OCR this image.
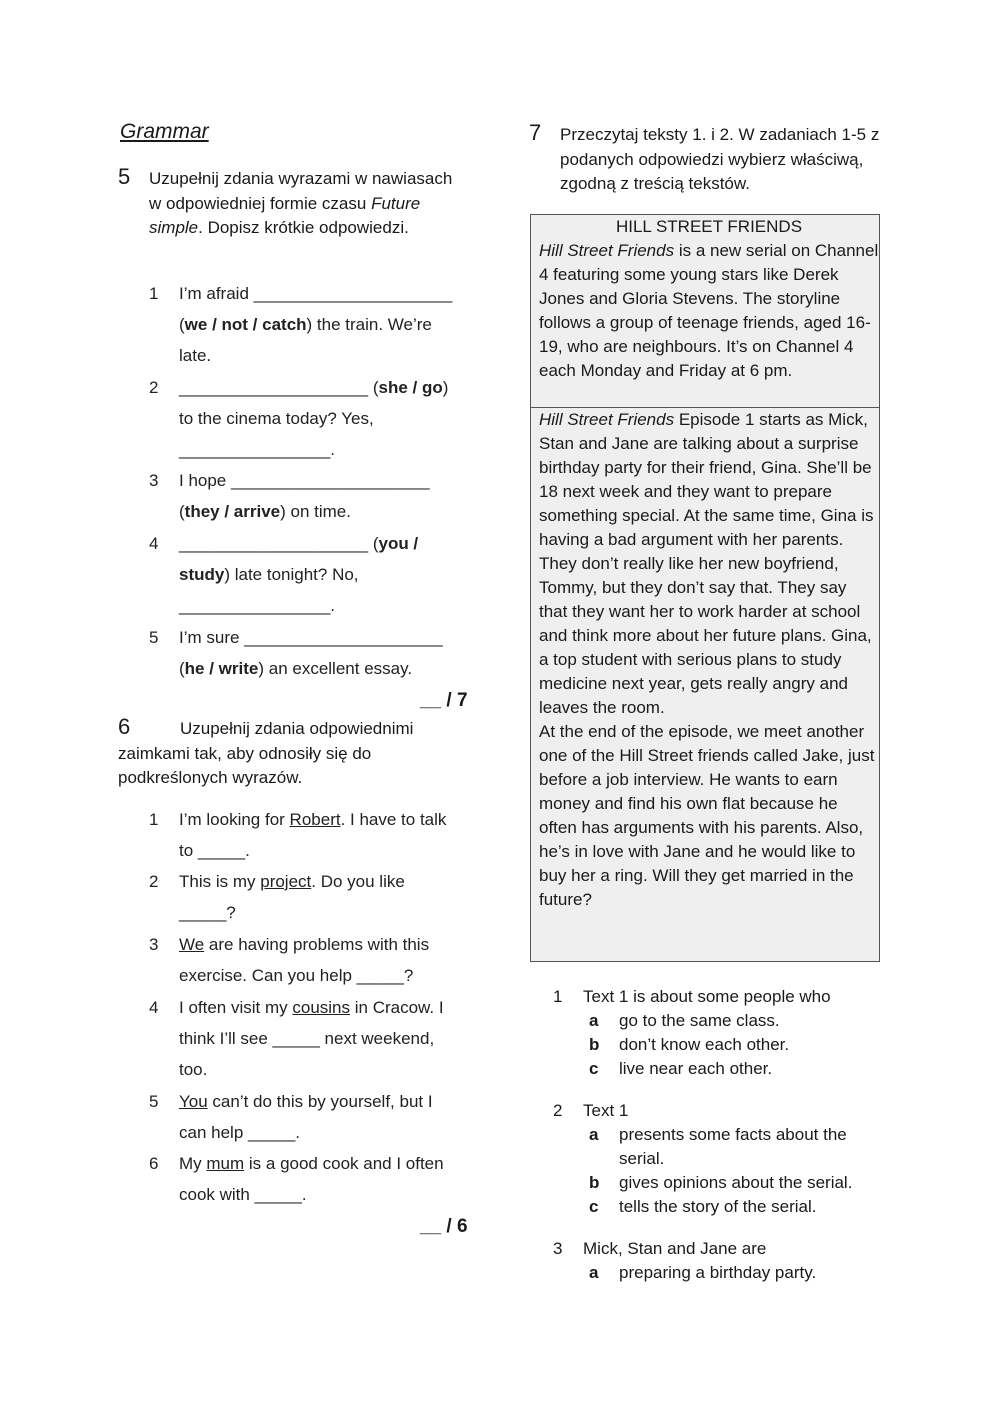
Grammar
5 Uzupełnij zdania wyrazami w nawiasach w odpowiedniej formie czasu Future simple. Dopisz krótkie odpowiedzi.
1 I’m afraid _____________________
(we / not / catch) the train. We’re
late.
2 ____________________ (she / go)
to the cinema today? Yes,
________________.
3 I hope _____________________
(they / arrive) on time.
4 ____________________ (you /
study) late tonight? No,
________________.
5 I’m sure _____________________
(he / write) an excellent essay.
__ / 7
6	Uzupełnij zdania odpowiednimi zaimkami tak, aby odnosiły się do podkreślonych wyrazów.
1 I’m looking for Robert. I have to talk
to _____.
2 This is my project. Do you like
_____?
3 We are having problems with this
exercise. Can you help _____?
4 I often visit my cousins in Cracow. I
think I’ll see _____ next weekend,
too.
5 You can’t do this by yourself, but I
can help _____.
6 My mum is a good cook and I often
cook with _____.
__ / 6
7 Przeczytaj teksty 1. i 2. W zadaniach 1-5 z podanych odpowiedzi wybierz właściwą, zgodną z treścią tekstów.
HILL STREET FRIENDS
Hill Street Friends is a new serial on Channel 4 featuring some young stars like Derek Jones and Gloria Stevens. The storyline follows a group of teenage friends, aged 16-19, who are neighbours. It’s on Channel 4 each Monday and Friday at 6 pm.
Hill Street Friends Episode 1 starts as Mick, Stan and Jane are talking about a surprise birthday party for their friend, Gina. She’ll be 18 next week and they want to prepare something special. At the same time, Gina is having a bad argument with her parents. They don’t really like her new boyfriend, Tommy, but they don’t say that. They say that they want her to work harder at school and think more about her future plans. Gina, a top student with serious plans to study medicine next year, gets really angry and leaves the room.
At the end of the episode, we meet another one of the Hill Street friends called Jake, just before a job interview. He wants to earn money and find his own flat because he often has arguments with his parents. Also, he’s in love with Jane and he would like to buy her a ring. Will they get married in the future?
1 Text 1 is about some people who
a go to the same class.
b don’t know each other.
c live near each other.
2 Text 1
a presents some facts about the serial.
b gives opinions about the serial.
c tells the story of the serial.
3 Mick, Stan and Jane are
a preparing a birthday party.
